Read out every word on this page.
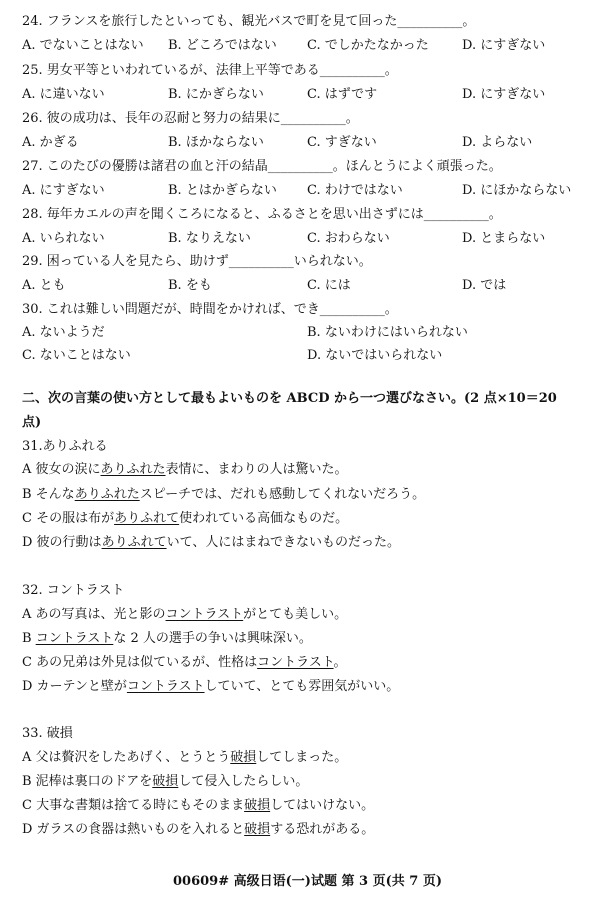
24. フランスを旅行したといっても、観光バスで町を見て回った__________。
A. でないことはない B. どころではない C. でしかたなかった	D. にすぎない
25. 男女平等といわれているが、法律上平等である__________。
A. に違いない	B. にかぎらない	C. はずです	D. にすぎない
26. 彼の成功は、長年の忍耐と努力の結果に__________。
A. かぎる	B. ほかならない	C. すぎない	D. よらない
27. このたびの優勝は諸君の血と汗の結晶__________。ほんとうによく頑張った。
A. にすぎない	B. とはかぎらない C. わけではない	D. にほかならない
28. 毎年カエルの声を聞くころになると、ふるさとを思い出さずには__________。
A. いられない	B. なりえない	C. おわらない	D. とまらない
29. 困っている人を見たら、助けず__________いられない。
A. とも	B. をも	C. には	D. では
30. これは難しい問題だが、時間をかければ、でき__________。
A. ないようだ	B. ないわけにはいられない
C. ないことはない	D. ないではいられない
二、次の言葉の使い方として最もよいものを ABCD から一つ選びなさい。(2 点×10＝20
点)
31.ありふれる
A 彼女の涙にありふれた表情に、まわりの人は驚いた。
B そんなありふれたスピーチでは、だれも感動してくれないだろう。
C その服は布がありふれて使われている高価なものだ。
D 彼の行動はありふれていて、人にはまねできないものだった。
32. コントラスト
A あの写真は、光と影のコントラストがとても美しい。
B コントラストな 2 人の選手の争いは興味深い。
C あの兄弟は外見は似ているが、性格はコントラスト。
D カーテンと壁がコントラストしていて、とても雰囲気がいい。
33. 破損
A 父は贅沢をしたあげく、とうとう破損してしまった。
B 泥棒は裏口のドアを破損して侵入したらしい。
C 大事な書類は捨てる時にもそのまま破損してはいけない。
D ガラスの食器は熱いものを入れると破損する恐れがある。
00609# 高级日语(一)试题 第 3 页(共 7 页)
